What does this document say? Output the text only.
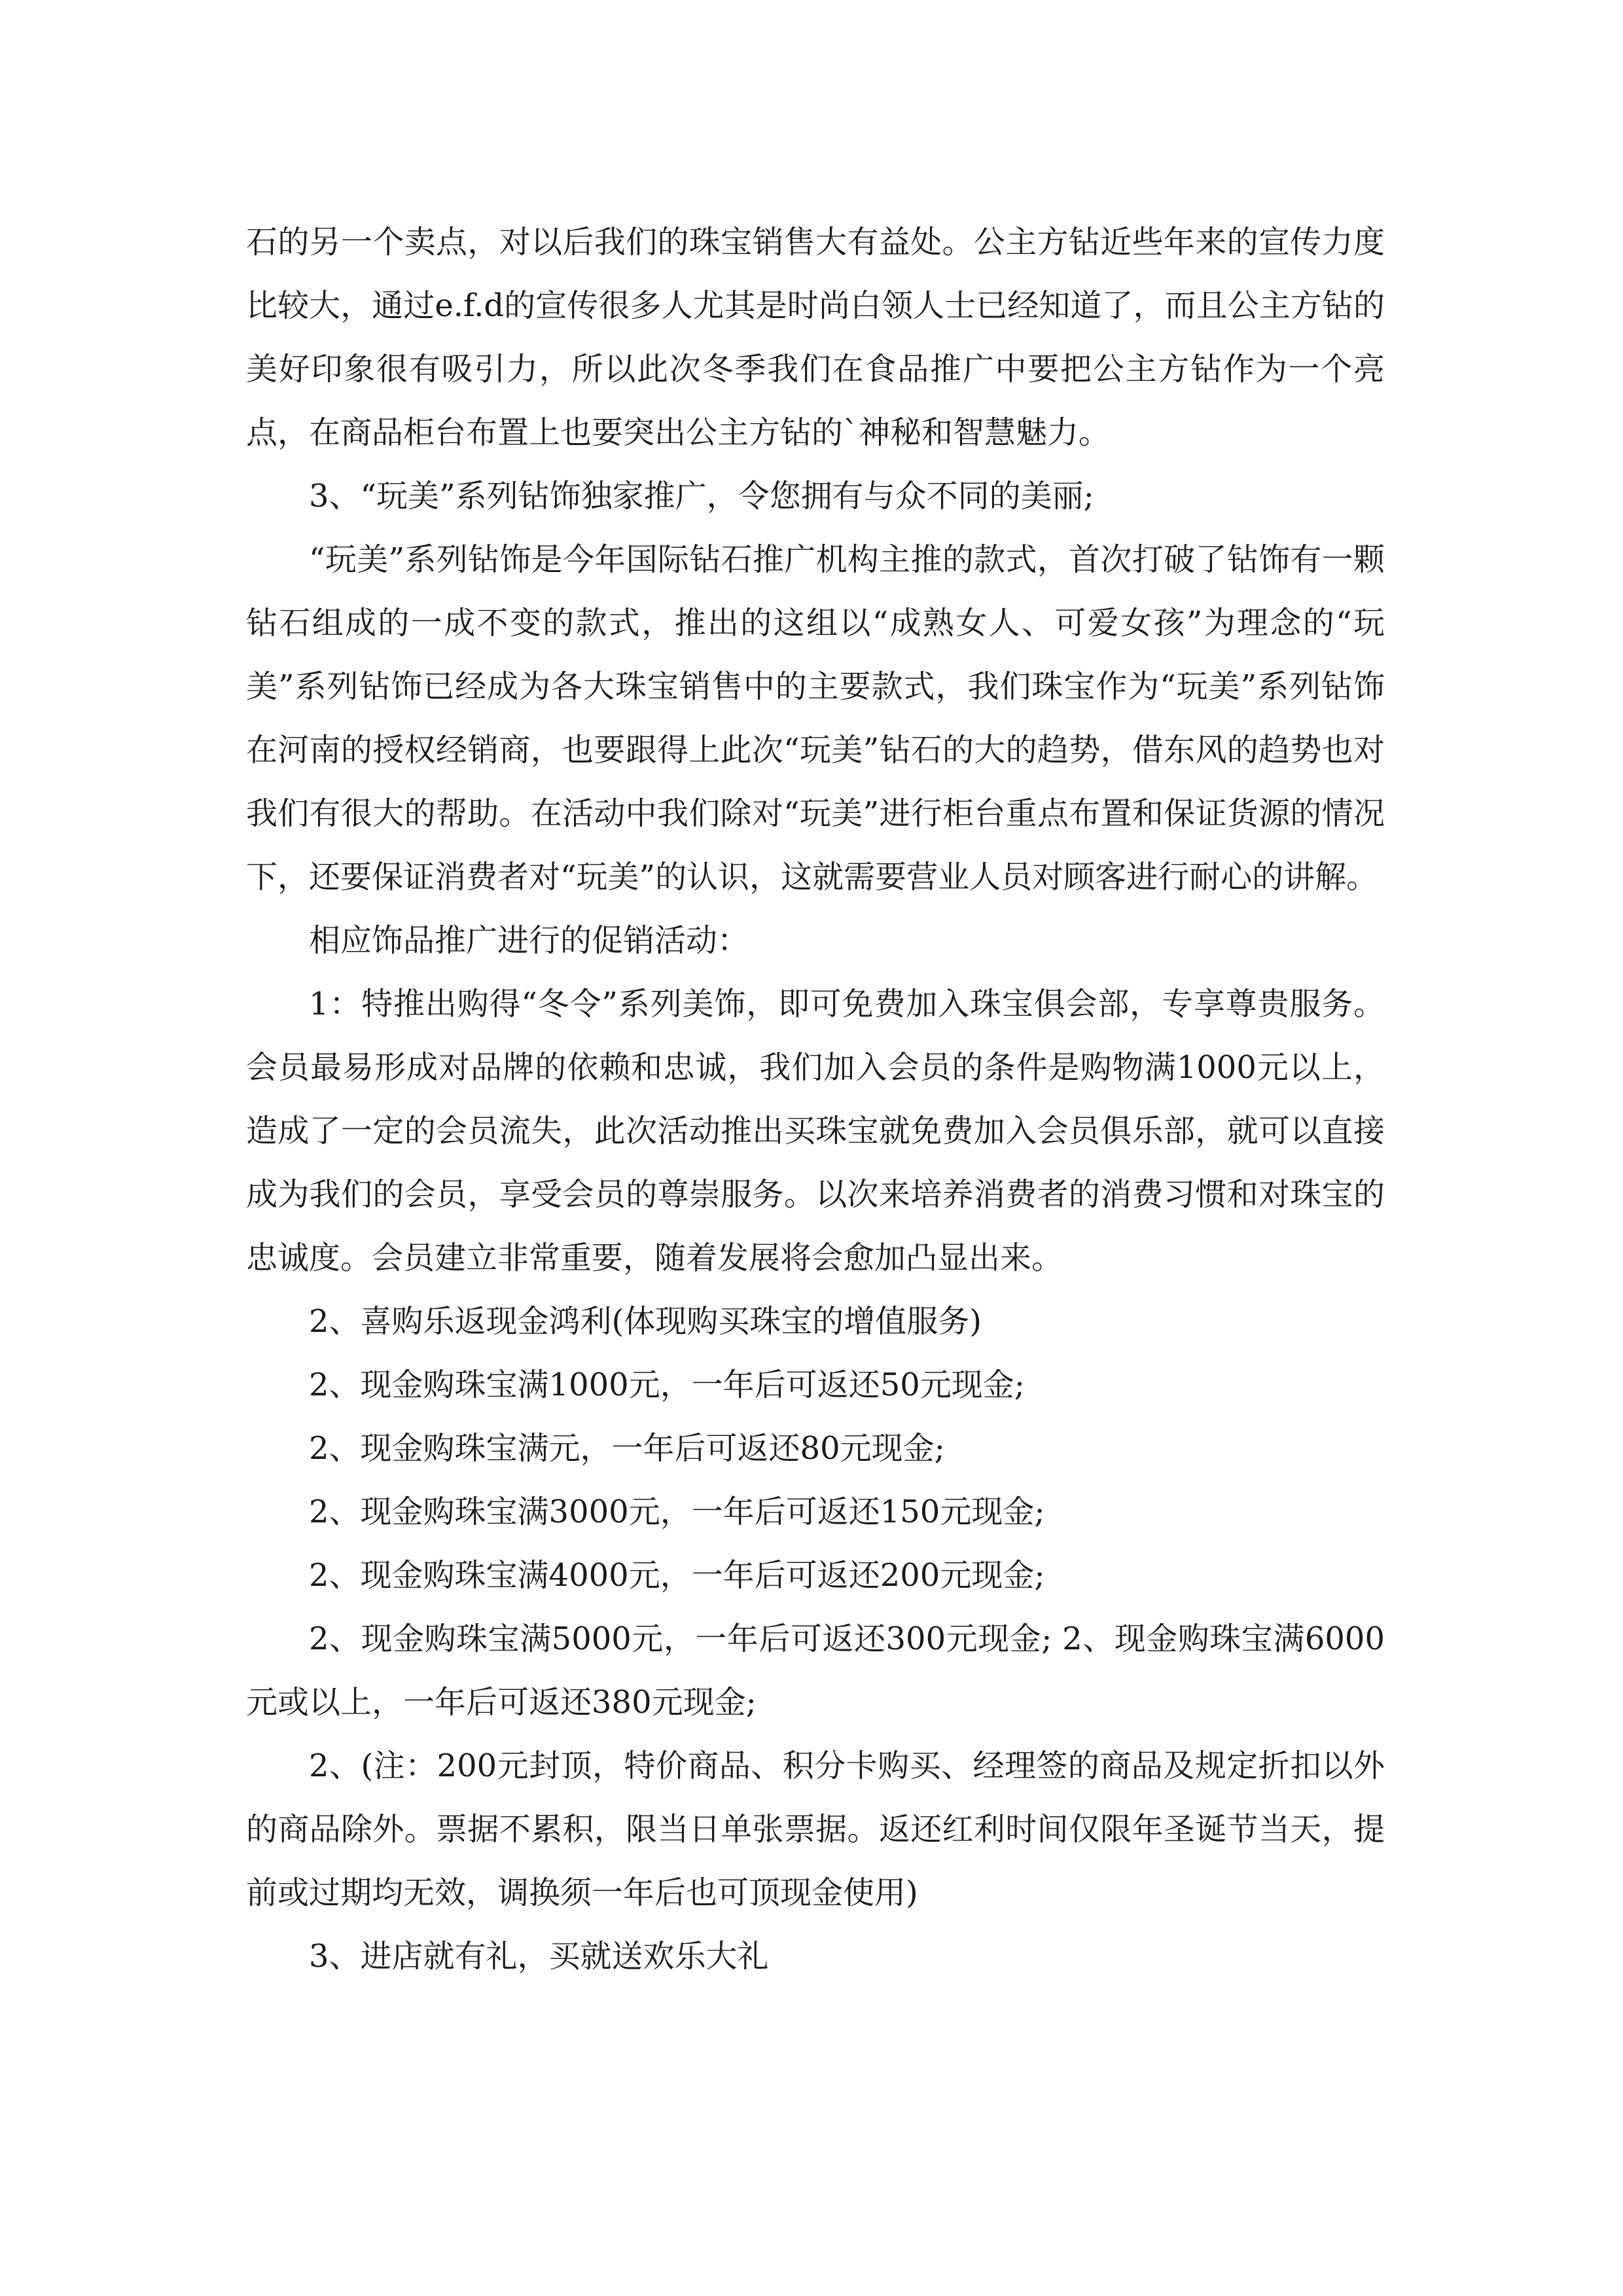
石的另一个卖点，对以后我们的珠宝销售大有益处。公主方钻近些年来的宣传力度比较大，通过e.f.d的宣传很多人尤其是时尚白领人士已经知道了，而且公主方钻的美好印象很有吸引力，所以此次冬季我们在食品推广中要把公主方钻作为一个亮点，在商品柜台布置上也要突出公主方钻的`神秘和智慧魅力。

3、“玩美”系列钻饰独家推广，令您拥有与众不同的美丽;

“玩美”系列钻饰是今年国际钻石推广机构主推的款式，首次打破了钻饰有一颗钻石组成的一成不变的款式，推出的这组以“成熟女人、可爱女孩”为理念的“玩美”系列钻饰已经成为各大珠宝销售中的主要款式，我们珠宝作为“玩美”系列钻饰在河南的授权经销商，也要跟得上此次“玩美”钻石的大的趋势，借东风的趋势也对我们有很大的帮助。在活动中我们除对“玩美”进行柜台重点布置和保证货源的情况下，还要保证消费者对“玩美”的认识，这就需要营业人员对顾客进行耐心的讲解。

相应饰品推广进行的促销活动：

1：特推出购得“冬令”系列美饰，即可免费加入珠宝俱会部，专享尊贵服务。会员最易形成对品牌的依赖和忠诚，我们加入会员的条件是购物满1000元以上，造成了一定的会员流失，此次活动推出买珠宝就免费加入会员俱乐部，就可以直接成为我们的会员，享受会员的尊崇服务。以次来培养消费者的消费习惯和对珠宝的忠诚度。会员建立非常重要，随着发展将会愈加凸显出来。

2、喜购乐返现金鸿利(体现购买珠宝的增值服务)

2、现金购珠宝满1000元，一年后可返还50元现金;

2、现金购珠宝满元，一年后可返还80元现金;

2、现金购珠宝满3000元，一年后可返还150元现金;

2、现金购珠宝满4000元，一年后可返还200元现金;

2、现金购珠宝满5000元，一年后可返还300元现金; 2、现金购珠宝满6000元或以上，一年后可返还380元现金;

2、(注：200元封顶，特价商品、积分卡购买、经理签的商品及规定折扣以外的商品除外。票据不累积，限当日单张票据。返还红利时间仅限年圣诞节当天，提前或过期均无效，调换须一年后也可顶现金使用)

3、进店就有礼，买就送欢乐大礼
